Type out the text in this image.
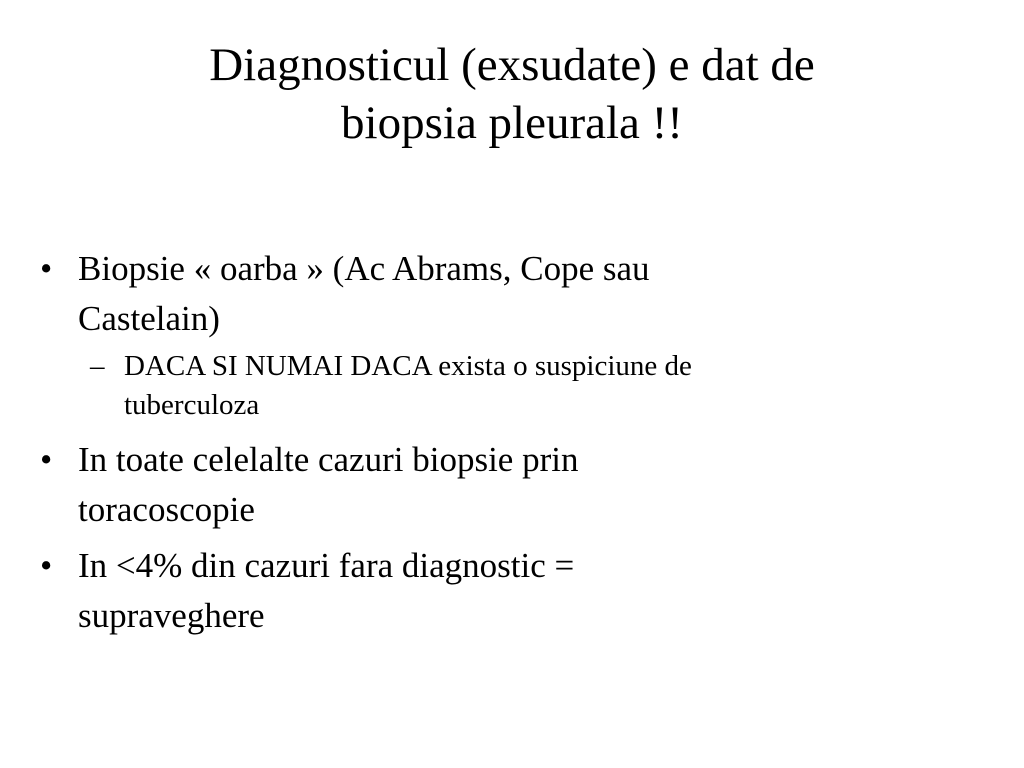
Diagnosticul (exsudate) e dat de
biopsia pleurala !!
• Biopsie « oarba » (Ac Abrams, Cope sau
Castelain)
– DACA SI NUMAI DACA exista o suspiciune de
tuberculoza
• In toate celelalte cazuri biopsie prin
toracoscopie
• In <4% din cazuri fara diagnostic =
supraveghere
